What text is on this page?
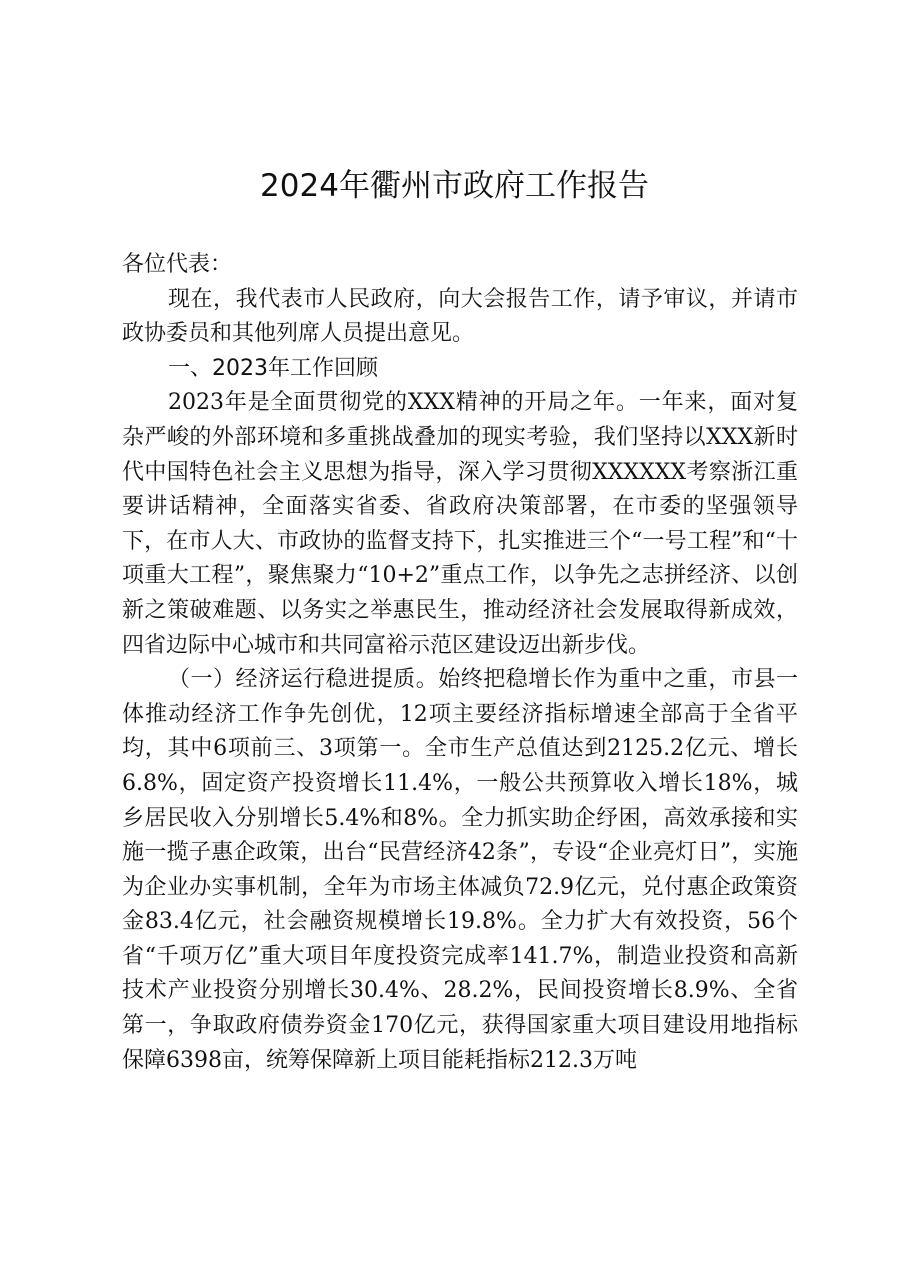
2024年衢州市政府工作报告

各位代表：

现在，我代表市人民政府，向大会报告工作，请予审议，并请市政协委员和其他列席人员提出意见。

一、2023年工作回顾

2023年是全面贯彻党的XXX精神的开局之年。一年来，面对复杂严峻的外部环境和多重挑战叠加的现实考验，我们坚持以XXX新时代中国特色社会主义思想为指导，深入学习贯彻XXXXXX考察浙江重要讲话精神，全面落实省委、省政府决策部署，在市委的坚强领导下，在市人大、市政协的监督支持下，扎实推进三个“一号工程”和“十项重大工程”，聚焦聚力“10+2”重点工作，以争先之志拼经济、以创新之策破难题、以务实之举惠民生，推动经济社会发展取得新成效，四省边际中心城市和共同富裕示范区建设迈出新步伐。

（一）经济运行稳进提质。始终把稳增长作为重中之重，市县一体推动经济工作争先创优，12项主要经济指标增速全部高于全省平均，其中6项前三、3项第一。全市生产总值达到2125.2亿元、增长6.8%，固定资产投资增长11.4%，一般公共预算收入增长18%，城乡居民收入分别增长5.4%和8%。全力抓实助企纾困，高效承接和实施一揽子惠企政策，出台“民营经济42条”，专设“企业亮灯日”，实施为企业办实事机制，全年为市场主体减负72.9亿元，兑付惠企政策资金83.4亿元，社会融资规模增长19.8%。全力扩大有效投资，56个省“千项万亿”重大项目年度投资完成率141.7%，制造业投资和高新技术产业投资分别增长30.4%、28.2%，民间投资增长8.9%、全省第一，争取政府债券资金170亿元，获得国家重大项目建设用地指标保障6398亩，统筹保障新上项目能耗指标212.3万吨
